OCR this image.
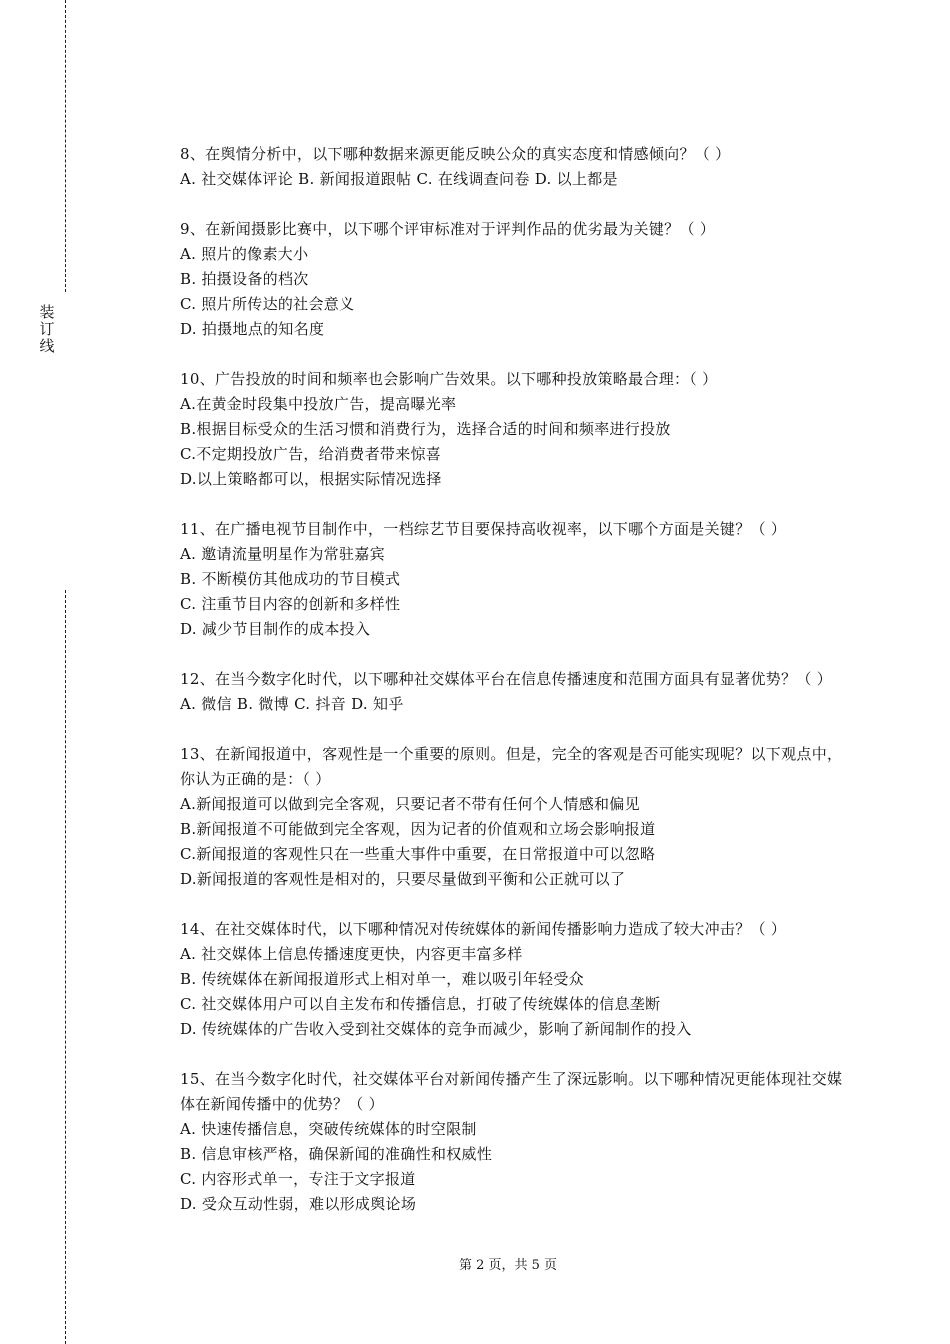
装
订
线
8、在舆情分析中，以下哪种数据来源更能反映公众的真实态度和情感倾向？（ ）
A. 社交媒体评论 B. 新闻报道跟帖 C. 在线调查问卷 D. 以上都是
9、在新闻摄影比赛中，以下哪个评审标准对于评判作品的优劣最为关键？（ ）
A. 照片的像素大小
B. 拍摄设备的档次
C. 照片所传达的社会意义
D. 拍摄地点的知名度
10、广告投放的时间和频率也会影响广告效果。以下哪种投放策略最合理：（ ）
A.在黄金时段集中投放广告，提高曝光率
B.根据目标受众的生活习惯和消费行为，选择合适的时间和频率进行投放
C.不定期投放广告，给消费者带来惊喜
D.以上策略都可以，根据实际情况选择
11、在广播电视节目制作中，一档综艺节目要保持高收视率，以下哪个方面是关键？（ ）
A. 邀请流量明星作为常驻嘉宾
B. 不断模仿其他成功的节目模式
C. 注重节目内容的创新和多样性
D. 减少节目制作的成本投入
12、在当今数字化时代，以下哪种社交媒体平台在信息传播速度和范围方面具有显著优势？（ ）
A. 微信 B. 微博 C. 抖音 D. 知乎
13、在新闻报道中，客观性是一个重要的原则。但是，完全的客观是否可能实现呢？以下观点中，你认为正确的是：（ ）
A.新闻报道可以做到完全客观，只要记者不带有任何个人情感和偏见
B.新闻报道不可能做到完全客观，因为记者的价值观和立场会影响报道
C.新闻报道的客观性只在一些重大事件中重要，在日常报道中可以忽略
D.新闻报道的客观性是相对的，只要尽量做到平衡和公正就可以了
14、在社交媒体时代，以下哪种情况对传统媒体的新闻传播影响力造成了较大冲击？（ ）
A. 社交媒体上信息传播速度更快，内容更丰富多样
B. 传统媒体在新闻报道形式上相对单一，难以吸引年轻受众
C. 社交媒体用户可以自主发布和传播信息，打破了传统媒体的信息垄断
D. 传统媒体的广告收入受到社交媒体的竞争而减少，影响了新闻制作的投入
15、在当今数字化时代，社交媒体平台对新闻传播产生了深远影响。以下哪种情况更能体现社交媒体在新闻传播中的优势？（ ）
A. 快速传播信息，突破传统媒体的时空限制
B. 信息审核严格，确保新闻的准确性和权威性
C. 内容形式单一，专注于文字报道
D. 受众互动性弱，难以形成舆论场
第 2 页，共 5 页
